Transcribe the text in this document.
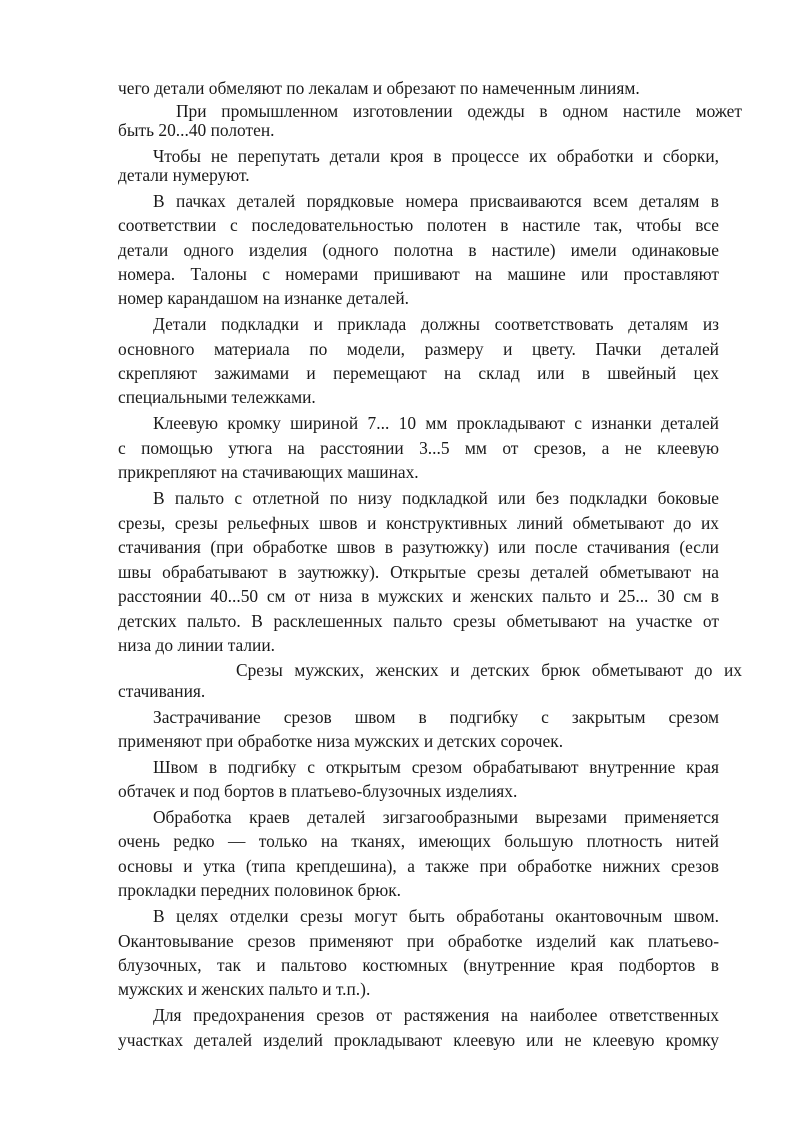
чего детали обмеляют по лекалам и обрезают по намеченным линиям.
При промышленном изготовлении одежды в одном настиле может
быть 20...40 полотен.
Чтобы не перепутать детали кроя в процессе их обработки и сборки,
детали нумеруют.
В пачках деталей порядковые номера присваиваются всем деталям в
соответствии с последовательностью полотен в настиле так, чтобы все
детали одного изделия (одного полотна в настиле) имели одинаковые
номера. Талоны с номерами пришивают на машине или проставляют
номер карандашом на изнанке деталей.
Детали подкладки и приклада должны соответствовать деталям из
основного материала по модели, размеру и цвету. Пачки деталей
скрепляют зажимами и перемещают на склад или в швейный цех
специальными тележками.
Клеевую кромку шириной 7... 10 мм прокладывают с изнанки деталей
с помощью утюга на расстоянии 3...5 мм от срезов, а не клеевую
прикрепляют на стачивающих машинах.
В пальто с отлетной по низу подкладкой или без подкладки боковые
срезы, срезы рельефных швов и конструктивных линий обметывают до их
стачивания (при обработке швов в разутюжку) или после стачивания (если
швы обрабатывают в заутюжку). Открытые срезы деталей обметывают на
расстоянии 40...50 см от низа в мужских и женских пальто и 25... 30 см в
детских пальто. В расклешенных пальто срезы обметывают на участке от
низа до линии талии.
Срезы мужских, женских и детских брюк обметывают до их
стачивания.
Застрачивание срезов швом в подгибку с закрытым срезом
применяют при обработке низа мужских и детских сорочек.
Швом в подгибку с открытым срезом обрабатывают внутренние края
обтачек и под бортов в платьево-блузочных изделиях.
Обработка краев деталей зигзагообразными вырезами применяется
очень редко — только на тканях, имеющих большую плотность нитей
основы и утка (типа крепдешина), а также при обработке нижних срезов
прокладки передних половинок брюк.
В целях отделки срезы могут быть обработаны окантовочным швом.
Окантовывание срезов применяют при обработке изделий как платьево-
блузочных, так и пальтово костюмных (внутренние края подбортов в
мужских и женских пальто и т.п.).
Для предохранения срезов от растяжения на наиболее ответственных
участках деталей изделий прокладывают клеевую или не клеевую кромку
